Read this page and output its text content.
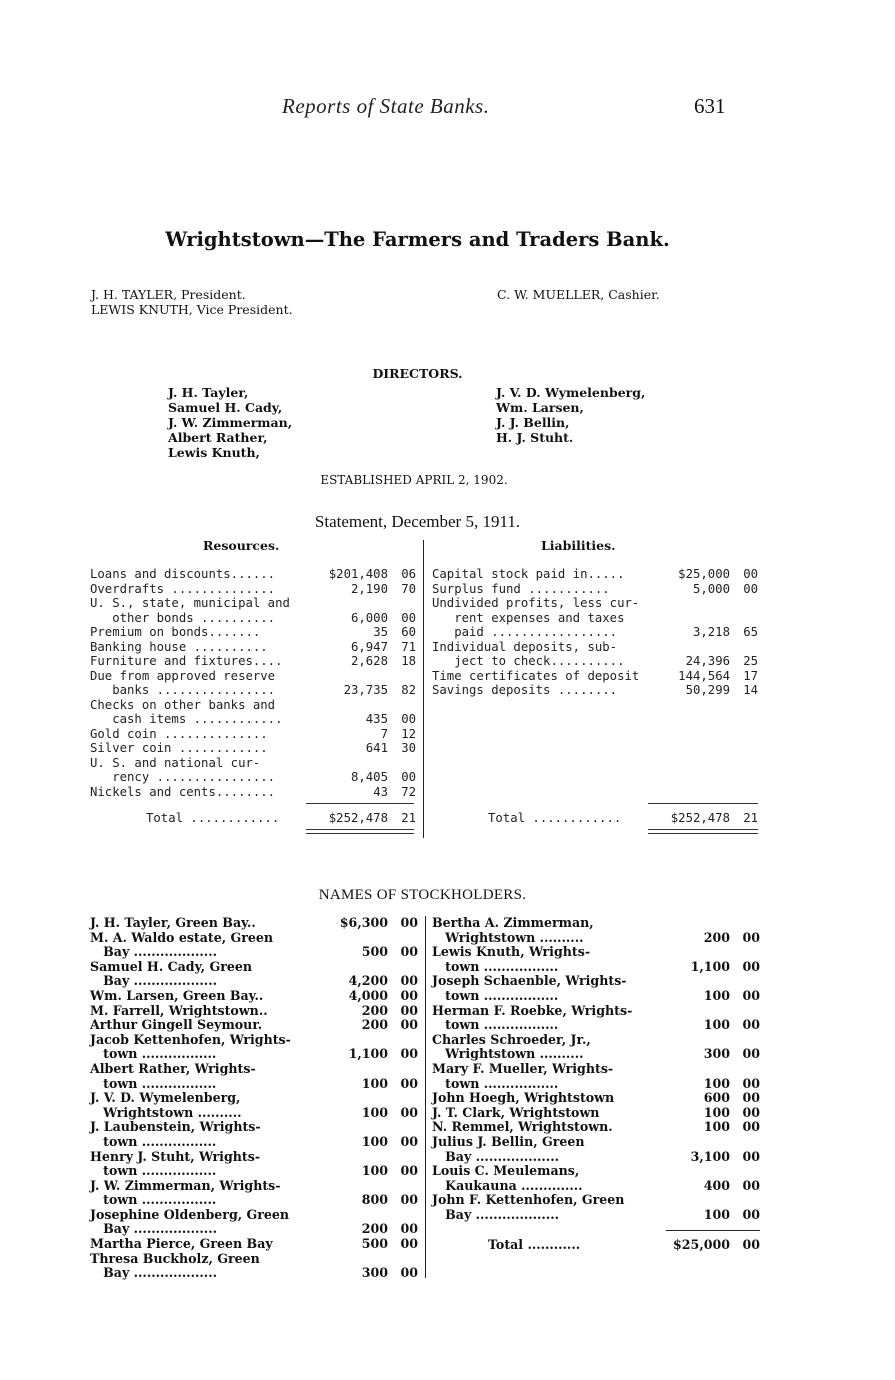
Reports of State Banks.	631
Wrightstown—The Farmers and Traders Bank.
J. H. TAYLER, President.
LEWIS KNUTH, Vice President.
C. W. MUELLER, Cashier.
DIRECTORS.
J. H. Tayler,
Samuel H. Cady,
J. W. Zimmerman,
Albert Rather,
Lewis Knuth,
J. V. D. Wymelenberg,
Wm. Larsen,
J. J. Bellin,
H. J. Stuht.
ESTABLISHED APRIL 2, 1902.
Statement, December 5, 1911.
Resources.	Liabilities.
Loans and discounts......	$201,408 06
Overdrafts ..............	2,190 70
U. S., state, municipal and
other bonds ..........	6,000 00
Premium on bonds.......	35 60
Banking house ..........	6,947 71
Furniture and fixtures....	2,628 18
Due from approved reserve
banks ................	23,735 82
Checks on other banks and
cash items ............	435 00
Gold coin ..............	7 12
Silver coin ............	641 30
U. S. and national cur-
rency ................	8,405 00
Nickels and cents........	43 72
Total ............	$252,478 21
Capital stock paid in.....	$25,000 00
Surplus fund ...........	5,000 00
Undivided profits, less cur-
rent expenses and taxes
paid .................	3,218 65
Individual deposits, sub-
ject to check..........	24,396 25
Time certificates of deposit	144,564 17
Savings deposits ........	50,299 14
Total ............	$252,478 21
NAMES OF STOCKHOLDERS.
J. H. Tayler, Green Bay..	$6,300 00
M. A. Waldo estate, Green
Bay ...................	500 00
Samuel H. Cady, Green
Bay ...................	4,200 00
Wm. Larsen, Green Bay..	4,000 00
M. Farrell, Wrightstown..	200 00
Arthur Gingell Seymour.	200 00
Jacob Kettenhofen, Wrights-
town .................	1,100 00
Albert Rather, Wrights-
town .................	100 00
J. V. D. Wymelenberg,
Wrightstown ..........	100 00
J. Laubenstein, Wrights-
town .................	100 00
Henry J. Stuht, Wrights-
town .................	100 00
J. W. Zimmerman, Wrights-
town .................	800 00
Josephine Oldenberg, Green
Bay ...................	200 00
Martha Pierce, Green Bay	500 00
Thresa Buckholz, Green
Bay ...................	300 00
Bertha A. Zimmerman,
Wrightstown ..........	200 00
Lewis Knuth, Wrights-
town .................	1,100 00
Joseph Schaenble, Wrights-
town .................	100 00
Herman F. Roebke, Wrights-
town .................	100 00
Charles Schroeder, Jr.,
Wrightstown ..........	300 00
Mary F. Mueller, Wrights-
town .................	100 00
John Hoegh, Wrightstown	600 00
J. T. Clark, Wrightstown	100 00
N. Remmel, Wrightstown.	100 00
Julius J. Bellin, Green
Bay ...................	3,100 00
Louis C. Meulemans,
Kaukauna ..............	400 00
John F. Kettenhofen, Green
Bay ...................	100 00
Total ............	$25,000 00
